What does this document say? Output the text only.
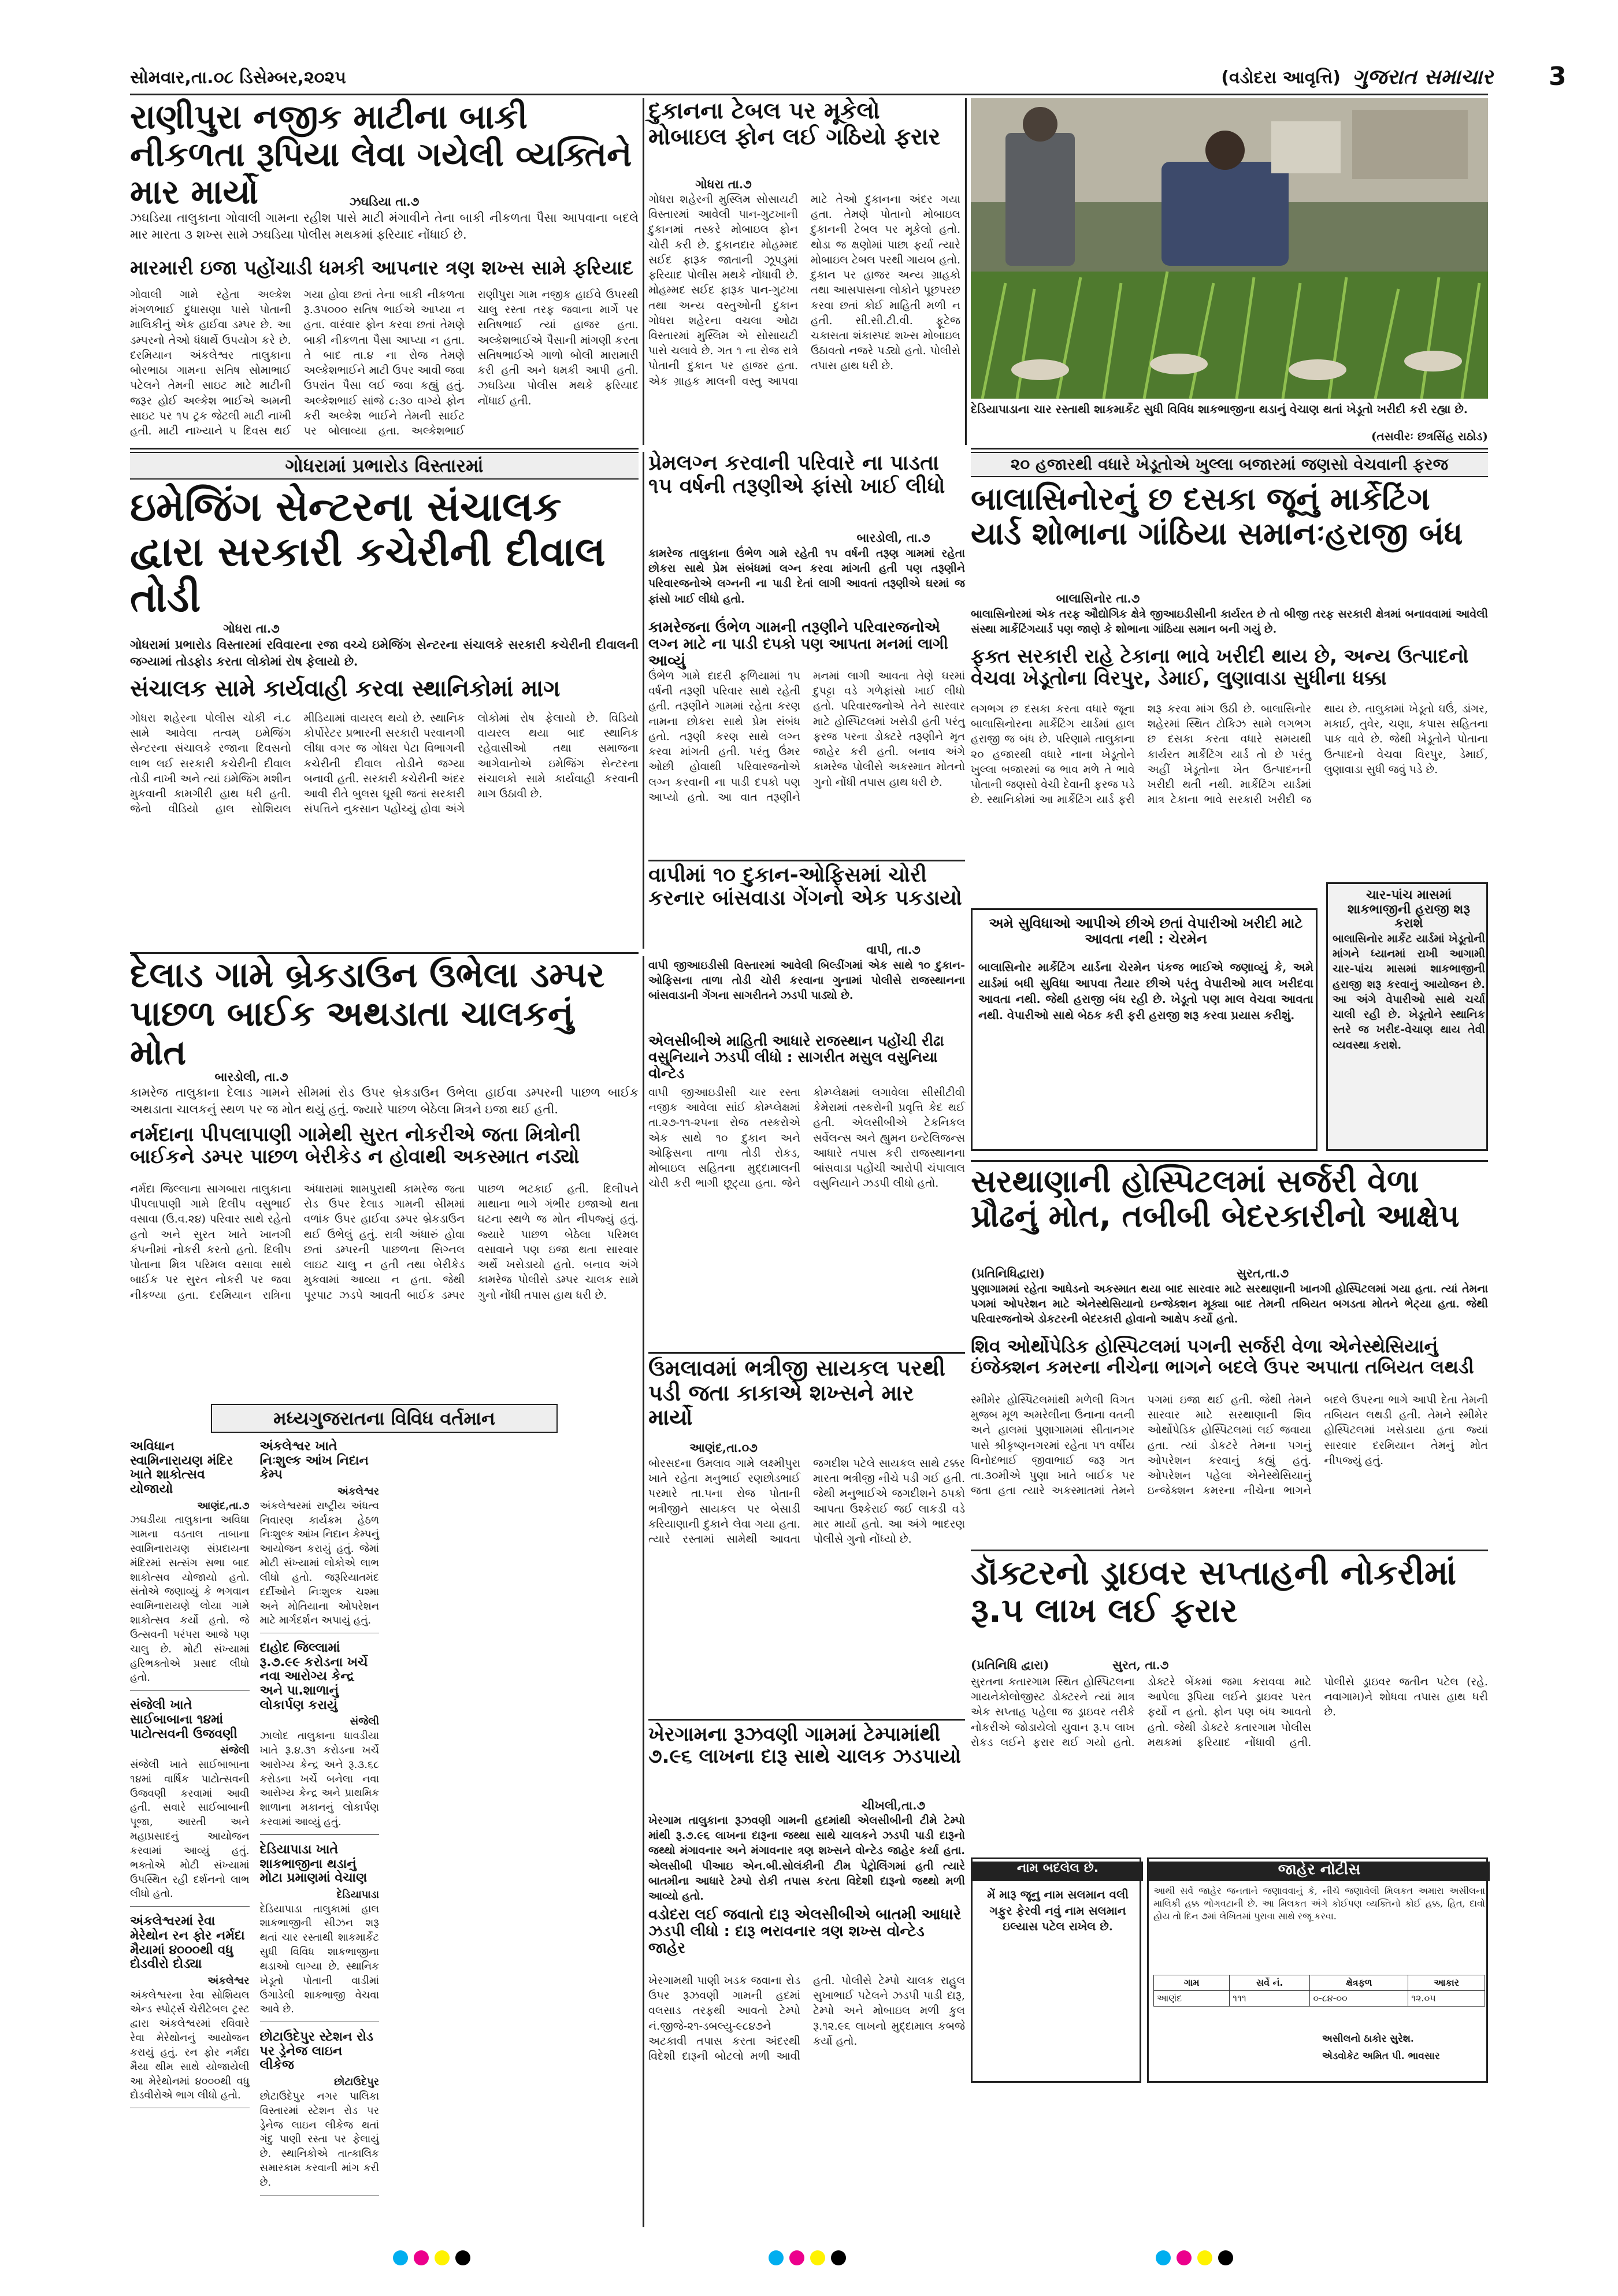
સોમવાર,તા.૦૮ ડિસેમ્બર,૨૦૨૫	(વડોદરા આવૃત્તિ) ગુજરાત સમાચાર	3
રાણીપુરા નજીક માટીના બાકી નીકળતા રૂપિયા લેવા ગયેલી વ્યક્તિને માર માર્યો	ઝઘડિયા તા.૭
ઝઘડિયા તાલુકાના ગોવાલી ગામના રહીશ પાસે માટી મંગાવીને તેના બાકી નીકળતા પૈસા આપવાના બદલે માર મારતા ૩ શખ્સ સામે ઝઘડિયા પોલીસ મથકમાં ફરિયાદ નોંધાઈ છે.
મારમારી ઇજા પહોંચાડી ધમકી આપનાર ત્રણ શખ્સ સામે ફરિયાદ
ગોવાલી ગામે રહેતા અલ્કેશ મંગળભાઈ દુધાસણા પાસે પોતાની માલિકીનું એક હાઈવા ડમ્પર છે. આ ડમ્પરનો તેઓ ધંધાર્થે ઉપયોગ કરે છે. દરમિયાન અંકલેશ્વર તાલુકાના બોરભાઠા ગામના સતિષ સોમાભાઈ પટેલને તેમની સાઇટ માટે માટીની જરૂર હોઈ અલ્કેશ ભાઈએ અમની સાઇટ પર ૧૫ ટ્રક જેટલી માટી નાખી હતી. માટી નાખ્યાને ૫ દિવસ થઈ ગયા હોવા છતાં તેના બાકી નીકળતા રૂ.૩૫૦૦૦ સતિષ ભાઈએ આપ્યા ન હતા. વારંવાર ફોન કરવા છતાં તેમણે બાકી નીકળતા પૈસા આપ્યા ન હતા. તે બાદ તા.૪ ના રોજ તેમણે અલ્કેશભાઈને માટી ઉપર આવી જવા ઉપરાંત પૈસા લઈ જવા કહ્યું હતું. અલ્કેશભાઈ સાંજે ૮:૩૦ વાગ્યે ફોન કરી અલ્કેશ ભાઈને તેમની સાઈટ પર બોલાવ્યા હતા. અલ્કેશભાઈ રાણીપુરા ગામ નજીક હાઈવે ઉપરથી ચાલુ રસ્તા તરફ જવાના માર્ગે પર સતિષભાઈ ત્યાં હાજર હતા. અલ્કેશભાઈએ પૈસાની માંગણી કરતા સતિષભાઈએ ગાળો બોલી મારામારી કરી હતી અને ધમકી આપી હતી. ઝઘડિયા પોલીસ મથકે ફરિયાદ નોંધાઈ હતી.
દુકાનના ટેબલ પર મૂકેલો મોબાઇલ ફોન લઈ ગઠિયો ફરાર
ગોધરા તા.૭
ગોધરા શહેરની મુસ્લિમ સોસાયટી વિસ્તારમાં આવેલી પાન-ગુટખાની દુકાનમાં તસ્કરે મોબાઇલ ફોન ચોરી કરી છે. દુકાનદાર મોહમ્મદ સઈદ ફારૂક જાતાની ઝૂપડુમાં ફરિયાદ પોલીસ મથકે નોંધાવી છે. મોહમ્મદ સઈદ ફારૂક પાન-ગુટખા તથા અન્ય વસ્તુઓની દુકાન ગોધરા શહેરના વચલા ઓઢા વિસ્તારમાં મુસ્લિમ એ સોસાયટી પાસે ચલાવે છે. ગત ૧ ના રોજ રાત્રે પોતાની દુકાન પર હાજર હતા. એક ગ્રાહક માલની વસ્તુ આપવા માટે તેઓ દુકાનના અંદર ગયા હતા. તેમણે પોતાનો મોબાઇલ દુકાનની ટેબલ પર મૂકેલો હતો. થોડા જ ક્ષણોમાં પાછા ફર્યા ત્યારે મોબાઇલ ટેબલ પરથી ગાયબ હતો. દુકાન પર હાજર અન્ય ગ્રાહકો તથા આસપાસના લોકોને પૂછપરછ કરવા છતાં કોઈ માહિતી મળી ન હતી. સી.સી.ટી.વી. ફૂટેજ ચકાસતા શંકાસ્પદ શખ્સ મોબાઇલ ઉઠાવતો નજરે પડ્યો હતો. પોલીસે તપાસ હાથ ધરી છે.
દેડિયાપાડાના ચાર રસ્તાથી શાકમાર્કેટ સુધી વિવિધ શાકભાજીના થડાનું વેચાણ થતાં ખેડૂતો ખરીદી કરી રહ્યા છે.
(તસવીરઃ છત્રસિંહ રાઠોડ)
ગોધરામાં પ્રભારોડ વિસ્તારમાં
ઇમેજિંગ સેન્ટરના સંચાલક દ્વારા સરકારી કચેરીની દીવાલ તોડી
ગોધરા તા.૭
ગોધરામાં પ્રભારોડ વિસ્તારમાં રવિવારના રજા વચ્ચે ઇમેજિંગ સેન્ટરના સંચાલકે સરકારી કચેરીની દીવાલની જગ્યામાં તોડફોડ કરતા લોકોમાં રોષ ફેલાયો છે.
સંચાલક સામે કાર્યવાહી કરવા સ્થાનિકોમાં માગ
ગોધરા શહેરના પોલીસ ચોકી નં.૮ સામે આવેલા તત્વમ્ ઇમેજિંગ સેન્ટરના સંચાલકે રજાના દિવસનો લાભ લઈ સરકારી કચેરીની દીવાલ તોડી નાખી અને ત્યાં ઇમેજિંગ મશીન મુકવાની કામગીરી હાથ ધરી હતી. જેનો વીડિયો હાલ સોશિયલ મીડિયામાં વાયરલ થયો છે. સ્થાનિક કોર્પોરેટર પ્રભારની સરકારી પરવાનગી લીધા વગર જ ગોધરા પેટા વિભાગની કચેરીની દીવાલ તોડીને જગ્યા બનાવી હતી. સરકારી કચેરીની અંદર આવી રીતે બુલસ ઘૂસી જતાં સરકારી સંપત્તિને નુકસાન પહોંચ્યું હોવા અંગે લોકોમાં રોષ ફેલાયો છે. વિડિયો વાયરલ થયા બાદ સ્થાનિક રહેવાસીઓ તથા સમાજના આગેવાનોએ ઇમેજિંગ સેન્ટરના સંચાલકો સામે કાર્યવાહી કરવાની માગ ઉઠાવી છે.
પ્રેમલગ્ન કરવાની પરિવારે ના પાડતા ૧૫ વર્ષની તરૂણીએ ફાંસો ખાઈ લીધો
બારડોલી, તા.૭
કામરેજ તાલુકાના ઉંભેળ ગામે રહેતી ૧૫ વર્ષની તરૂણ ગામમાં રહેતા છોકરા સાથે પ્રેમ સંબંધમાં લગ્ન કરવા માંગતી હતી પણ તરૂણીને પરિવારજનોએ લગ્નની ના પાડી દેતાં લાગી આવતાં તરૂણીએ ઘરમાં જ ફાંસો ખાઈ લીધો હતો.
કામરેજના ઉંભેળ ગામની તરૂણીને પરિવારજનોએ લગ્ન માટે ના પાડી દપકો પણ આપતા મનમાં લાગી આવ્યું
ઉંભેળ ગામે દાદરી ફળિયામાં ૧૫ વર્ષની તરૂણી પરિવાર સાથે રહેતી હતી. તરૂણીને ગામમાં રહેતા કરણ નામના છોકરા સાથે પ્રેમ સંબંધ હતો. તરૂણી કરણ સાથે લગ્ન કરવા માંગતી હતી. પરંતુ ઉંમર ઓછી હોવાથી પરિવારજનોએ લગ્ન કરવાની ના પાડી દપકો પણ આપ્યો હતો. આ વાત તરૂણીને મનમાં લાગી આવતા તેણે ઘરમાં દુપટ્ટા વડે ગળેફાંસો ખાઈ લીધો હતો. પરિવારજનોએ તેને સારવાર માટે હોસ્પિટલમાં ખસેડી હતી પરંતુ ફરજ પરના ડોક્ટરે તરૂણીને મૃત જાહેર કરી હતી. બનાવ અંગે કામરેજ પોલીસે અકસ્માત મોતનો ગુનો નોંધી તપાસ હાથ ધરી છે.
૨૦ હજારથી વધારે ખેડૂતોએ ખુલ્લા બજારમાં જણસો વેચવાની ફરજ
બાલાસિનોરનું છ દસકા જૂનું માર્કેટિંગ યાર્ડ શોભાના ગાંઠિયા સમાનઃહરાજી બંધ
બાલાસિનોર તા.૭
બાલાસિનોરમાં એક તરફ ઔદ્યોગિક ક્ષેત્રે જીઆઇડીસીની કાર્યરત છે તો બીજી તરફ સરકારી ક્ષેત્રમાં બનાવવામાં આવેલી સંસ્થા માર્કેટિંગયાર્ડ પણ જાણે કે શોભાના ગાંઠિયા સમાન બની ગયું છે.
ફક્ત સરકારી રાહે ટેકાના ભાવે ખરીદી થાય છે, અન્ય ઉત્પાદનો વેચવા ખેડૂતોના વિરપુર, ડેમાઈ, લુણાવાડા સુધીના ધક્કા
લગભગ છ દસકા કરતા વધારે જૂના બાલાસિનોરના માર્કેટિંગ યાર્ડમાં હાલ હરાજી જ બંધ છે. પરિણામે તાલુકાના ૨૦ હજારથી વધારે નાના ખેડૂતોને ખુલ્લા બજારમાં જ ભાવ મળે તે ભાવે પોતાની જણસો વેચી દેવાની ફરજ પડે છે. સ્થાનિકોમાં આ માર્કેટિંગ યાર્ડ ફરી શરૂ કરવા માંગ ઉઠી છે. બાલાસિનોર શહેરમાં સ્થિત ટોકિઝ સામે લગભગ છ દસકા કરતા વધારે સમયથી કાર્યરત માર્કેટિંગ યાર્ડ તો છે પરંતુ અહીં ખેડૂતોના ખેત ઉત્પાદનની ખરીદી થતી નથી. માર્કેટિંગ યાર્ડમાં માત્ર ટેકાના ભાવે સરકારી ખરીદી જ થાય છે. તાલુકામાં ખેડૂતો ઘઉં, ડાંગર, મકાઈ, તુવેર, ચણા, કપાસ સહિતના પાક વાવે છે. જેથી ખેડૂતોને પોતાના ઉત્પાદનો વેચવા વિરપુર, ડેમાઈ, લુણાવાડા સુધી જવું પડે છે.
અમે સુવિધાઓ આપીએ છીએ છતાં વેપારીઓ ખરીદી માટે આવતા નથી : ચેરમેન
બાલાસિનોર માર્કેટિંગ યાર્ડના ચેરમેન પંકજ ભાઈએ જણાવ્યું કે, અમે યાર્ડમાં બધી સુવિધા આપવા તૈયાર છીએ પરંતુ વેપારીઓ માલ ખરીદવા આવતા નથી. જેથી હરાજી બંધ રહી છે. ખેડૂતો પણ માલ વેચવા આવતા નથી. વેપારીઓ સાથે બેઠક કરી ફરી હરાજી શરૂ કરવા પ્રયાસ કરીશું.
ચાર-પાંચ માસમાં શાકભાજીની હરાજી શરૂ કરાશે
બાલાસિનોર માર્કેટ યાર્ડમાં ખેડૂતોની માંગને ધ્યાનમાં રાખી આગામી ચાર-પાંચ માસમાં શાકભાજીની હરાજી શરૂ કરવાનું આયોજન છે. આ અંગે વેપારીઓ સાથે ચર્ચા ચાલી રહી છે. ખેડૂતોને સ્થાનિક સ્તરે જ ખરીદ-વેચાણ થાય તેવી વ્યવસ્થા કરાશે.
વાપીમાં ૧૦ દુકાન-ઓફિસમાં ચોરી કરનાર બાંસવાડા ગેંગનો એક પકડાયો
વાપી, તા.૭
વાપી જીઆઇડીસી વિસ્તારમાં આવેલી બિલ્ડીંગમાં એક સાથે ૧૦ દુકાન-ઓફિસના તાળા તોડી ચોરી કરવાના ગુનામાં પોલીસે રાજસ્થાનના બાંસવાડાની ગેંગના સાગરીતને ઝડપી પાડ્યો છે.
એલસીબીએ માહિતી આધારે રાજસ્થાન પહોંચી રીઢા વસુનિયાને ઝડપી લીધો : સાગરીત મસુલ વસુનિયા વોન્ટેડ
વાપી જીઆઇડીસી ચાર રસ્તા નજીક આવેલા સાંઈ કોમ્પ્લેક્ષમાં તા.૨૭-૧૧-૨૫ના રોજ તસ્કરોએ એક સાથે ૧૦ દુકાન અને ઓફિસના તાળા તોડી રોકડ, મોબાઇલ સહિતના મુદ્દામાલની ચોરી કરી ભાગી છૂટ્યા હતા. જેને કોમ્પ્લેક્ષમાં લગાવેલા સીસીટીવી કેમેરામાં તસ્કરોની પ્રવૃત્તિ કેદ થઈ હતી. એલસીબીએ ટેકનિકલ સર્વેલન્સ અને હ્યુમન ઇન્ટેલિજન્સ આધારે તપાસ કરી રાજસ્થાનના બાંસવાડા પહોંચી આરોપી ચંપાલાલ વસુનિયાને ઝડપી લીધો હતો.
દેલાડ ગામે બ્રેકડાઉન ઉભેલા ડમ્પર પાછળ બાઈક અથડાતા ચાલકનું મોત
બારડોલી, તા.૭
કામરેજ તાલુકાના દેલાડ ગામને સીમમાં રોડ ઉપર બ્રેકડાઉન ઉભેલા હાઈવા ડમ્પરની પાછળ બાઈક અથડાતા ચાલકનું સ્થળ પર જ મોત થયું હતું. જ્યારે પાછળ બેઠેલા મિત્રને ઇજા થઈ હતી.
નર્મદાના પીપલાપાણી ગામેથી સુરત નોકરીએ જતા મિત્રોની બાઈકને ડમ્પર પાછળ બેરીકેડ ન હોવાથી અકસ્માત નડ્યો
નર્મદા જિલ્લાના સાગબારા તાલુકાના પીપલાપાણી ગામે દિલીપ વસુભાઈ વસાવા (ઉ.વ.૨૪) પરિવાર સાથે રહેતો હતો અને સુરત ખાતે ખાનગી કંપનીમાં નોકરી કરતો હતો. દિલીપ પોતાના મિત્ર પરિમલ વસાવા સાથે બાઈક પર સુરત નોકરી પર જવા નીકળ્યા હતા. દરમિયાન રાત્રિના અંધારામાં શામપુરાથી કામરેજ જતા રોડ ઉપર દેલાડ ગામની સીમમાં વળાંક ઉપર હાઈવા ડમ્પર બ્રેકડાઉન થઈ ઉભેલું હતું. રાત્રી અંધારું હોવા છતાં ડમ્પરની પાછળના સિગ્નલ લાઇટ ચાલુ ન હતી તથા બેરીકેડ મુકવામાં આવ્યા ન હતા. જેથી પૂરપાટ ઝડપે આવતી બાઈક ડમ્પર પાછળ ભટકાઈ હતી. દિલીપને માથાના ભાગે ગંભીર ઇજાઓ થતા ઘટના સ્થળે જ મોત નીપજ્યું હતું. જ્યારે પાછળ બેઠેલા પરિમલ વસાવાને પણ ઇજા થતા સારવાર અર્થે ખસેડાયો હતો. બનાવ અંગે કામરેજ પોલીસે ડમ્પર ચાલક સામે ગુનો નોંધી તપાસ હાથ ધરી છે.
સરથાણાની હોસ્પિટલમાં સર્જરી વેળા પ્રૌઢનું મોત, તબીબી બેદરકારીનો આક્ષેપ
(પ્રતિનિધિદ્વારા)	સુરત,તા.૭
પુણાગામમાં રહેતા આધેડનો અકસ્માત થયા બાદ સારવાર માટે સરથાણાની ખાનગી હોસ્પિટલમાં ગયા હતા. ત્યાં તેમના પગમાં ઓપરેશન માટે એનેસ્થેસિયાનો ઇન્જેક્શન મૂક્યા બાદ તેમની તબિયત બગડતા મોતને ભેટ્યા હતા. જેથી પરિવારજનોએ ડોકટરની બેદરકારી હોવાનો આક્ષેપ કર્યો હતો.
શિવ ઓર્થોપેડિક હોસ્પિટલમાં પગની સર્જરી વેળા એનેસ્થેસિયાનું ઇંજેક્શન કમરના નીચેના ભાગને બદલે ઉપર અપાતા તબિયત લથડી
સ્મીમેર હોસ્પિટલમાંથી મળેલી વિગત મુજબ મૂળ અમરેલીના ઉનાના વતની અને હાલમાં પુણાગામમાં સીતાનગર પાસે શ્રીકૃષ્ણનગરમાં રહેતા ૫૧ વર્ષીય વિનોદભાઈ જીવાભાઈ જરૂ ગત તા.૩૦મીએ પુણા ખાતે બાઈક પર જતા હતા ત્યારે અકસ્માતમાં તેમને પગમાં ઇજા થઈ હતી. જેથી તેમને સારવાર માટે સરથાણાની શિવ ઓર્થોપેડિક હોસ્પિટલમાં લઈ જવાયા હતા. ત્યાં ડોકટરે તેમના પગનું ઓપરેશન કરવાનું કહ્યું હતું. ઓપરેશન પહેલા એનેસ્થેસિયાનું ઇન્જેક્શન કમરના નીચેના ભાગને બદલે ઉપરના ભાગે આપી દેતા તેમની તબિયત લથડી હતી. તેમને સ્મીમેર હોસ્પિટલમાં ખસેડાયા હતા જ્યાં સારવાર દરમિયાન તેમનું મોત નીપજ્યું હતું.
ઉમલાવમાં ભત્રીજી સાયકલ પરથી પડી જતા કાકાએ શખ્સને માર માર્યો
આણંદ,તા.૦૭
બોરસદના ઉમલાવ ગામે લક્ષ્મીપુરા ખાતે રહેતા મનુભાઈ રણછોડભાઈ પરમારે તા.૫ના રોજ પોતાની ભત્રીજીને સાયકલ પર બેસાડી કરિયાણાની દુકાને લેવા ગયા હતા. ત્યારે રસ્તામાં સામેથી આવતા જગદીશ પટેલે સાયકલ સાથે ટક્કર મારતા ભત્રીજી નીચે પડી ગઈ હતી. જેથી મનુભાઈએ જગદીશને ઠપકો આપતા ઉશ્કેરાઈ જઈ લાકડી વડે માર માર્યો હતો. આ અંગે ભાદરણ પોલીસે ગુનો નોંધ્યો છે.
મધ્યગુજરાતના વિવિધ વર્તમાન
અવિધાન સ્વામિનારાયણ મંદિર ખાતે શાકોત્સવ યોજાયો
આણંદ,તા.૭
ઝઘડીયા તાલુકાના અવિધા ગામના વડતાલ તાબાના સ્વામિનારાયણ સંપ્રદાયના મંદિરમાં સત્સંગ સભા બાદ શાકોત્સવ યોજાયો હતો. સંતોએ જણાવ્યું કે ભગવાન સ્વામિનારાયણે લોયા ગામે શાકોત્સવ કર્યો હતો. જે ઉત્સવની પરંપરા આજે પણ ચાલુ છે. મોટી સંખ્યામાં હરિભક્તોએ પ્રસાદ લીધો હતો.
સંજેલી ખાતે સાઈબાબાના ૧૪માં પાટોત્સવની ઉજવણી
સંજેલી
સંજેલી ખાતે સાઈબાબાના ૧૪માં વાર્ષિક પાટોત્સવની ઉજવણી કરવામાં આવી હતી. સવારે સાઈબાબાની પૂજા, આરતી અને મહાપ્રસાદનું આયોજન કરવામાં આવ્યું હતું. ભક્તોએ મોટી સંખ્યામાં ઉપસ્થિત રહી દર્શનનો લાભ લીધો હતો.
અંકલેશ્વરમાં રેવા મેરેથોન રન ફોર નર્મદા મૈયામાં ૪૦૦૦થી વધુ દોડવીરો દોડ્યા
અંકલેશ્વર
અંકલેશ્વરના રેવા સોશિયલ એન્ડ સ્પોર્ટ્સ ચેરીટેબલ ટ્રસ્ટ દ્વારા અંકલેશ્વરમાં રવિવારે રેવા મેરેથોનનું આયોજન કરાયું હતું. રન ફોર નર્મદા મૈયા થીમ સાથે યોજાયેલી આ મેરેથોનમાં ૪૦૦૦થી વધુ દોડવીરોએ ભાગ લીધો હતો.
અંકલેશ્વર ખાતે નિઃશુલ્ક આંખ નિદાન કેમ્પ
અંકલેશ્વર
અંકલેશ્વરમાં રાષ્ટ્રીય અંધત્વ નિવારણ કાર્યક્રમ હેઠળ નિઃશુલ્ક આંખ નિદાન કેમ્પનું આયોજન કરાયું હતું. જેમાં મોટી સંખ્યામાં લોકોએ લાભ લીધો હતો. જરૂરિયાતમંદ દર્દીઓને નિઃશુલ્ક ચશ્મા અને મોતિયાના ઓપરેશન માટે માર્ગદર્શન અપાયું હતું.
દાહોદ જિલ્લામાં રૂ.૭.૯૯ કરોડના ખર્ચે નવા આરોગ્ય કેન્દ્ર અને પા.શાળાનું લોકાર્પણ કરાયું
સંજેલી
ઝાલોદ તાલુકાના ધાવડીયા ખાતે રૂ.૪.૩૧ કરોડના ખર્ચે આરોગ્ય કેન્દ્ર અને રૂ.૩.૬૮ કરોડના ખર્ચે બનેલા નવા આરોગ્ય કેન્દ્ર અને પ્રાથમિક શાળાના મકાનનું લોકાર્પણ કરવામાં આવ્યું હતું.
દેડિયાપાડા ખાતે શાકભાજીના થડાનું મોટા પ્રમાણમાં વેચાણ
દેડિયાપાડા
દેડિયાપાડા તાલુકામાં હાલ શાકભાજીની સીઝન શરૂ થતાં ચાર રસ્તાથી શાકમાર્કેટ સુધી વિવિધ શાકભાજીના થડાઓ લાગ્યા છે. સ્થાનિક ખેડૂતો પોતાની વાડીમાં ઉગાડેલી શાકભાજી વેચવા આવે છે.
છોટાઉદેપુર સ્ટેશન રોડ પર ડ્રેનેજ લાઇન લીકેજ
છોટાઉદેપુર
છોટાઉદેપુર નગર પાલિકા વિસ્તારમાં સ્ટેશન રોડ પર ડ્રેનેજ લાઇન લીકેજ થતાં ગંદુ પાણી રસ્તા પર ફેલાયું છે. સ્થાનિકોએ તાત્કાલિક સમારકામ કરવાની માંગ કરી છે.
ખેરગામના રૂઝવણી ગામમાં ટેમ્પામાંથી ૭.૯૬ લાખના દારૂ સાથે ચાલક ઝડપાયો
ચીખલી,તા.૭
ખેરગામ તાલુકાના રૂઝવણી ગામની હદમાંથી એલસીબીની ટીમે ટેમ્પો માંથી રૂ.૭.૯૬ લાખના દારૂના જથ્થા સાથે ચાલકને ઝડપી પાડી દારૂનો જથ્થો મંગાવનાર અને મંગાવનાર ત્રણ શખ્સને વોન્ટેડ જાહેર કર્યા હતા. એલસીબી પીઆઇ એન.બી.સોલંકીની ટીમ પેટ્રોલિંગમાં હતી ત્યારે બાતમીના આધારે ટેમ્પો રોકી તપાસ કરતા વિદેશી દારૂનો જથ્થો મળી આવ્યો હતો.
વડોદરા લઈ જવાતો દારૂ એલસીબીએ બાતમી આધારે ઝડપી લીધો : દારૂ ભરાવનાર ત્રણ શખ્સ વોન્ટેડ જાહેર
ખેરગામથી પાણી ખડક જવાના રોડ ઉપર રૂઝવણી ગામની હદમાં વલસાડ તરફથી આવતો ટેમ્પો નં.જીજે-૨૧-ડબલ્યુ-૯૮૪૭ને અટકાવી તપાસ કરતા અંદરથી વિદેશી દારૂની બોટલો મળી આવી હતી. પોલીસે ટેમ્પો ચાલક રાહુલ સુખાભાઈ પટેલને ઝડપી પાડી દારૂ, ટેમ્પો અને મોબાઇલ મળી કુલ રૂ.૧૨.૯૬ લાખનો મુદ્દામાલ કબજે કર્યો હતો.
ડૉક્ટરનો ડ્રાઇવર સપ્તાહની નોકરીમાં રૂ.૫ લાખ લઈ ફરાર
(પ્રતિનિધિ દ્વારા)	સુરત, તા.૭
સુરતના કતારગામ સ્થિત હોસ્પિટલના ગાયનેકોલોજીસ્ટ ડોક્ટરને ત્યાં માત્ર એક સપ્તાહ પહેલા જ ડ્રાઇવર તરીકે નોકરીએ જોડાયેલો યુવાન રૂ.૫ લાખ રોકડ લઈને ફરાર થઈ ગયો હતો. ડોક્ટરે બેંકમાં જમા કરાવવા માટે આપેલા રૂપિયા લઈને ડ્રાઇવર પરત ફર્યો ન હતો. ફોન પણ બંધ આવતો હતો. જેથી ડોક્ટરે કતારગામ પોલીસ મથકમાં ફરિયાદ નોંધાવી હતી. પોલીસે ડ્રાઇવર જતીન પટેલ (રહે. નવાગામ)ને શોધવા તપાસ હાથ ધરી છે.
જાહેર નોટીસ
આથી સર્વ જાહેર જનતાને જણાવવાનું કે, નીચે જણાવેલી મિલકત અમારા અસીલના માલિકી હક્ક ભોગવટાની છે. આ મિલકત અંગે કોઈપણ વ્યક્તિનો કોઈ હક્ક, હિત, દાવો હોય તો દિન ૭માં લેખિતમાં પુરાવા સાથે રજૂ કરવા.
ગામ	સર્વે નં.	ક્ષેત્રફળ	આકાર
આણંદ	૧૧૧	૦-૮૪-૦૦	૧૨.૦૫
અસીલનો ઠાકોર સુરેશ.
એડવોકેટ અમિત પી. ભાવસાર
નામ બદલેલ છે.
મેં મારૂ જૂનુ નામ સલમાન વલી ગફુર ફેરવી નવું નામ સલમાન ઇલ્યાસ પટેલ રાખેલ છે.
